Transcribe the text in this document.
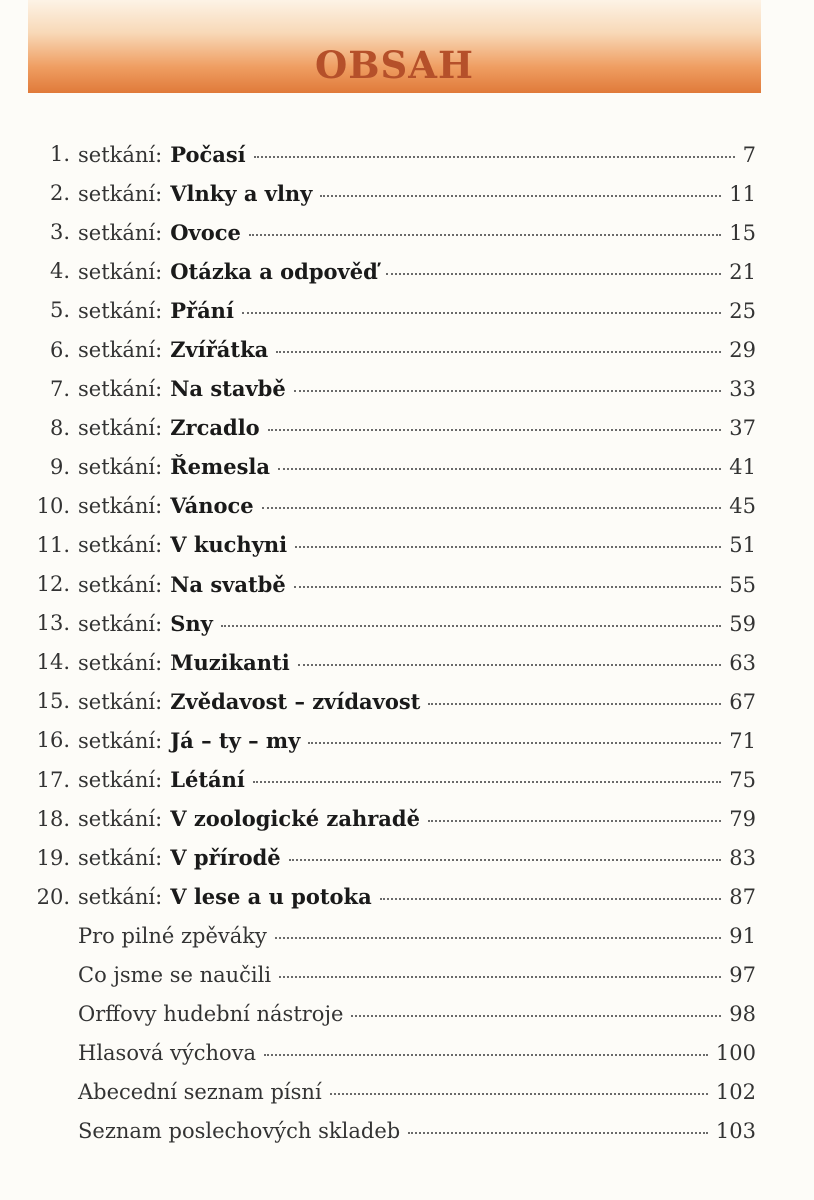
OBSAH
1. setkání: Počasí	7
2. setkání: Vlnky a vlny	11
3. setkání: Ovoce	15
4. setkání: Otázka a odpověď	21
5. setkání: Přání	25
6. setkání: Zvířátka	29
7. setkání: Na stavbě	33
8. setkání: Zrcadlo	37
9. setkání: Řemesla	41
10. setkání: Vánoce	45
11. setkání: V kuchyni	51
12. setkání: Na svatbě	55
13. setkání: Sny	59
14. setkání: Muzikanti	63
15. setkání: Zvědavost – zvídavost	67
16. setkání: Já – ty – my	71
17. setkání: Létání	75
18. setkání: V zoologické zahradě	79
19. setkání: V přírodě	83
20. setkání: V lese a u potoka	87
Pro pilné zpěváky	91
Co jsme se naučili	97
Orffovy hudební nástroje	98
Hlasová výchova	100
Abecední seznam písní	102
Seznam poslechových skladeb	103
